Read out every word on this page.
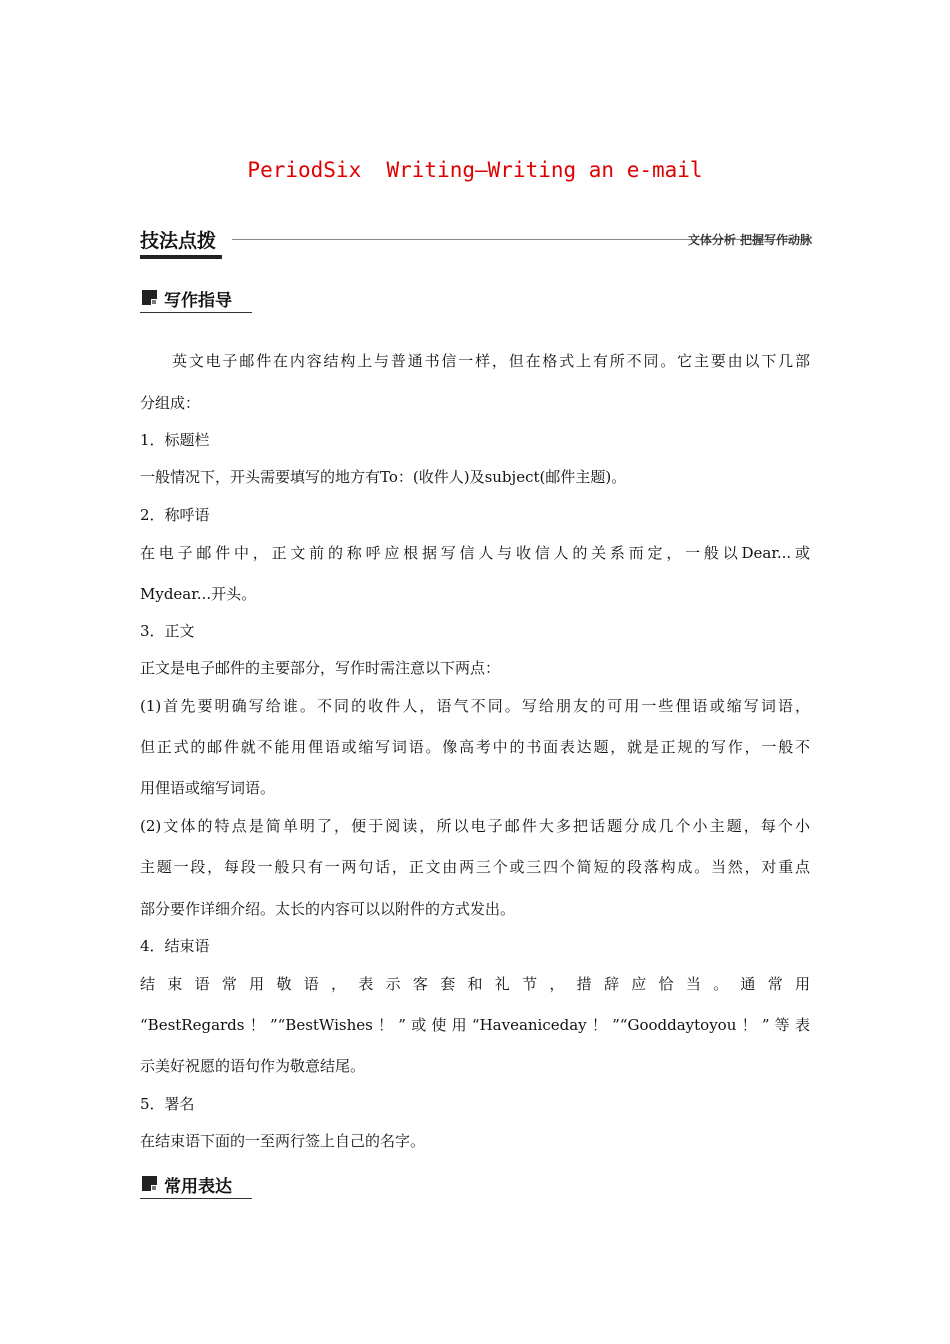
PeriodSix  Writing—Writing an e-mail
技法点拨	文体分析 把握写作动脉
写作指导
英文电子邮件在内容结构上与普通书信一样，但在格式上有所不同。它主要由以下几部
分组成：
1．标题栏
一般情况下，开头需要填写的地方有To：(收件人)及subject(邮件主题)。
2．称呼语
在电子邮件中，正文前的称呼应根据写信人与收信人的关系而定，一般以Dear...或
Mydear...开头。
3．正文
正文是电子邮件的主要部分，写作时需注意以下两点：
(1)首先要明确写给谁。不同的收件人，语气不同。写给朋友的可用一些俚语或缩写词语，
但正式的邮件就不能用俚语或缩写词语。像高考中的书面表达题，就是正规的写作，一般不
用俚语或缩写词语。
(2)文体的特点是简单明了，便于阅读，所以电子邮件大多把话题分成几个小主题，每个小
主题一段，每段一般只有一两句话，正文由两三个或三四个简短的段落构成。当然，对重点
部分要作详细介绍。太长的内容可以以附件的方式发出。
4．结束语
结束语常用敬语，表示客套和礼节，措辞应恰当。通常用
“BestRegards！”“BestWishes！”或使用“Haveaniceday！”“Gooddaytoyou！”等表
示美好祝愿的语句作为敬意结尾。
5．署名
在结束语下面的一至两行签上自己的名字。
常用表达
